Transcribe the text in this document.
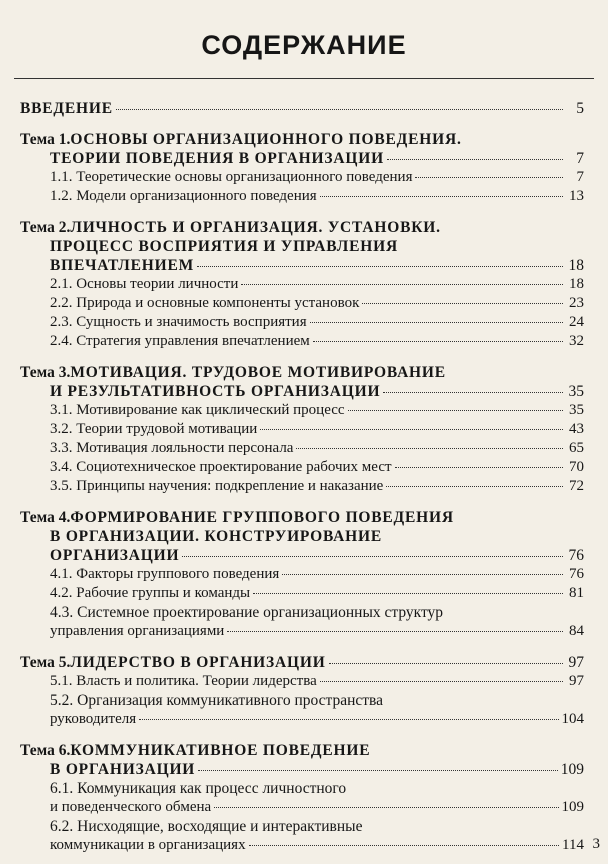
СОДЕРЖАНИЕ
ВВЕДЕНИЕ	5
Тема 1. ОСНОВЫ ОРГАНИЗАЦИОННОГО ПОВЕДЕНИЯ.
ТЕОРИИ ПОВЕДЕНИЯ В ОРГАНИЗАЦИИ	7
1.1. Теоретические основы организационного поведения	7
1.2. Модели организационного поведения	13
Тема 2. ЛИЧНОСТЬ И ОРГАНИЗАЦИЯ. УСТАНОВКИ.
ПРОЦЕСС ВОСПРИЯТИЯ И УПРАВЛЕНИЯ
ВПЕЧАТЛЕНИЕМ	18
2.1. Основы теории личности	18
2.2. Природа и основные компоненты установок	23
2.3. Сущность и значимость восприятия	24
2.4. Стратегия управления впечатлением	32
Тема 3. МОТИВАЦИЯ. ТРУДОВОЕ МОТИВИРОВАНИЕ
И РЕЗУЛЬТАТИВНОСТЬ ОРГАНИЗАЦИИ	35
3.1. Мотивирование как циклический процесс	35
3.2. Теории трудовой мотивации	43
3.3. Мотивация лояльности персонала	65
3.4. Социотехническое проектирование рабочих мест	70
3.5. Принципы научения: подкрепление и наказание	72
Тема 4. ФОРМИРОВАНИЕ ГРУППОВОГО ПОВЕДЕНИЯ
В ОРГАНИЗАЦИИ. КОНСТРУИРОВАНИЕ
ОРГАНИЗАЦИИ	76
4.1. Факторы группового поведения	76
4.2. Рабочие группы и команды	81
4.3. Системное проектирование организационных структур
управления организациями	84
Тема 5. ЛИДЕРСТВО В ОРГАНИЗАЦИИ	97
5.1. Власть и политика. Теории лидерства	97
5.2. Организация коммуникативного пространства
руководителя	104
Тема 6. КОММУНИКАТИВНОЕ ПОВЕДЕНИЕ
В ОРГАНИЗАЦИИ	109
6.1. Коммуникация как процесс личностного
и поведенческого обмена	109
6.2. Нисходящие, восходящие и интерактивные
коммуникации в организациях	114 3
